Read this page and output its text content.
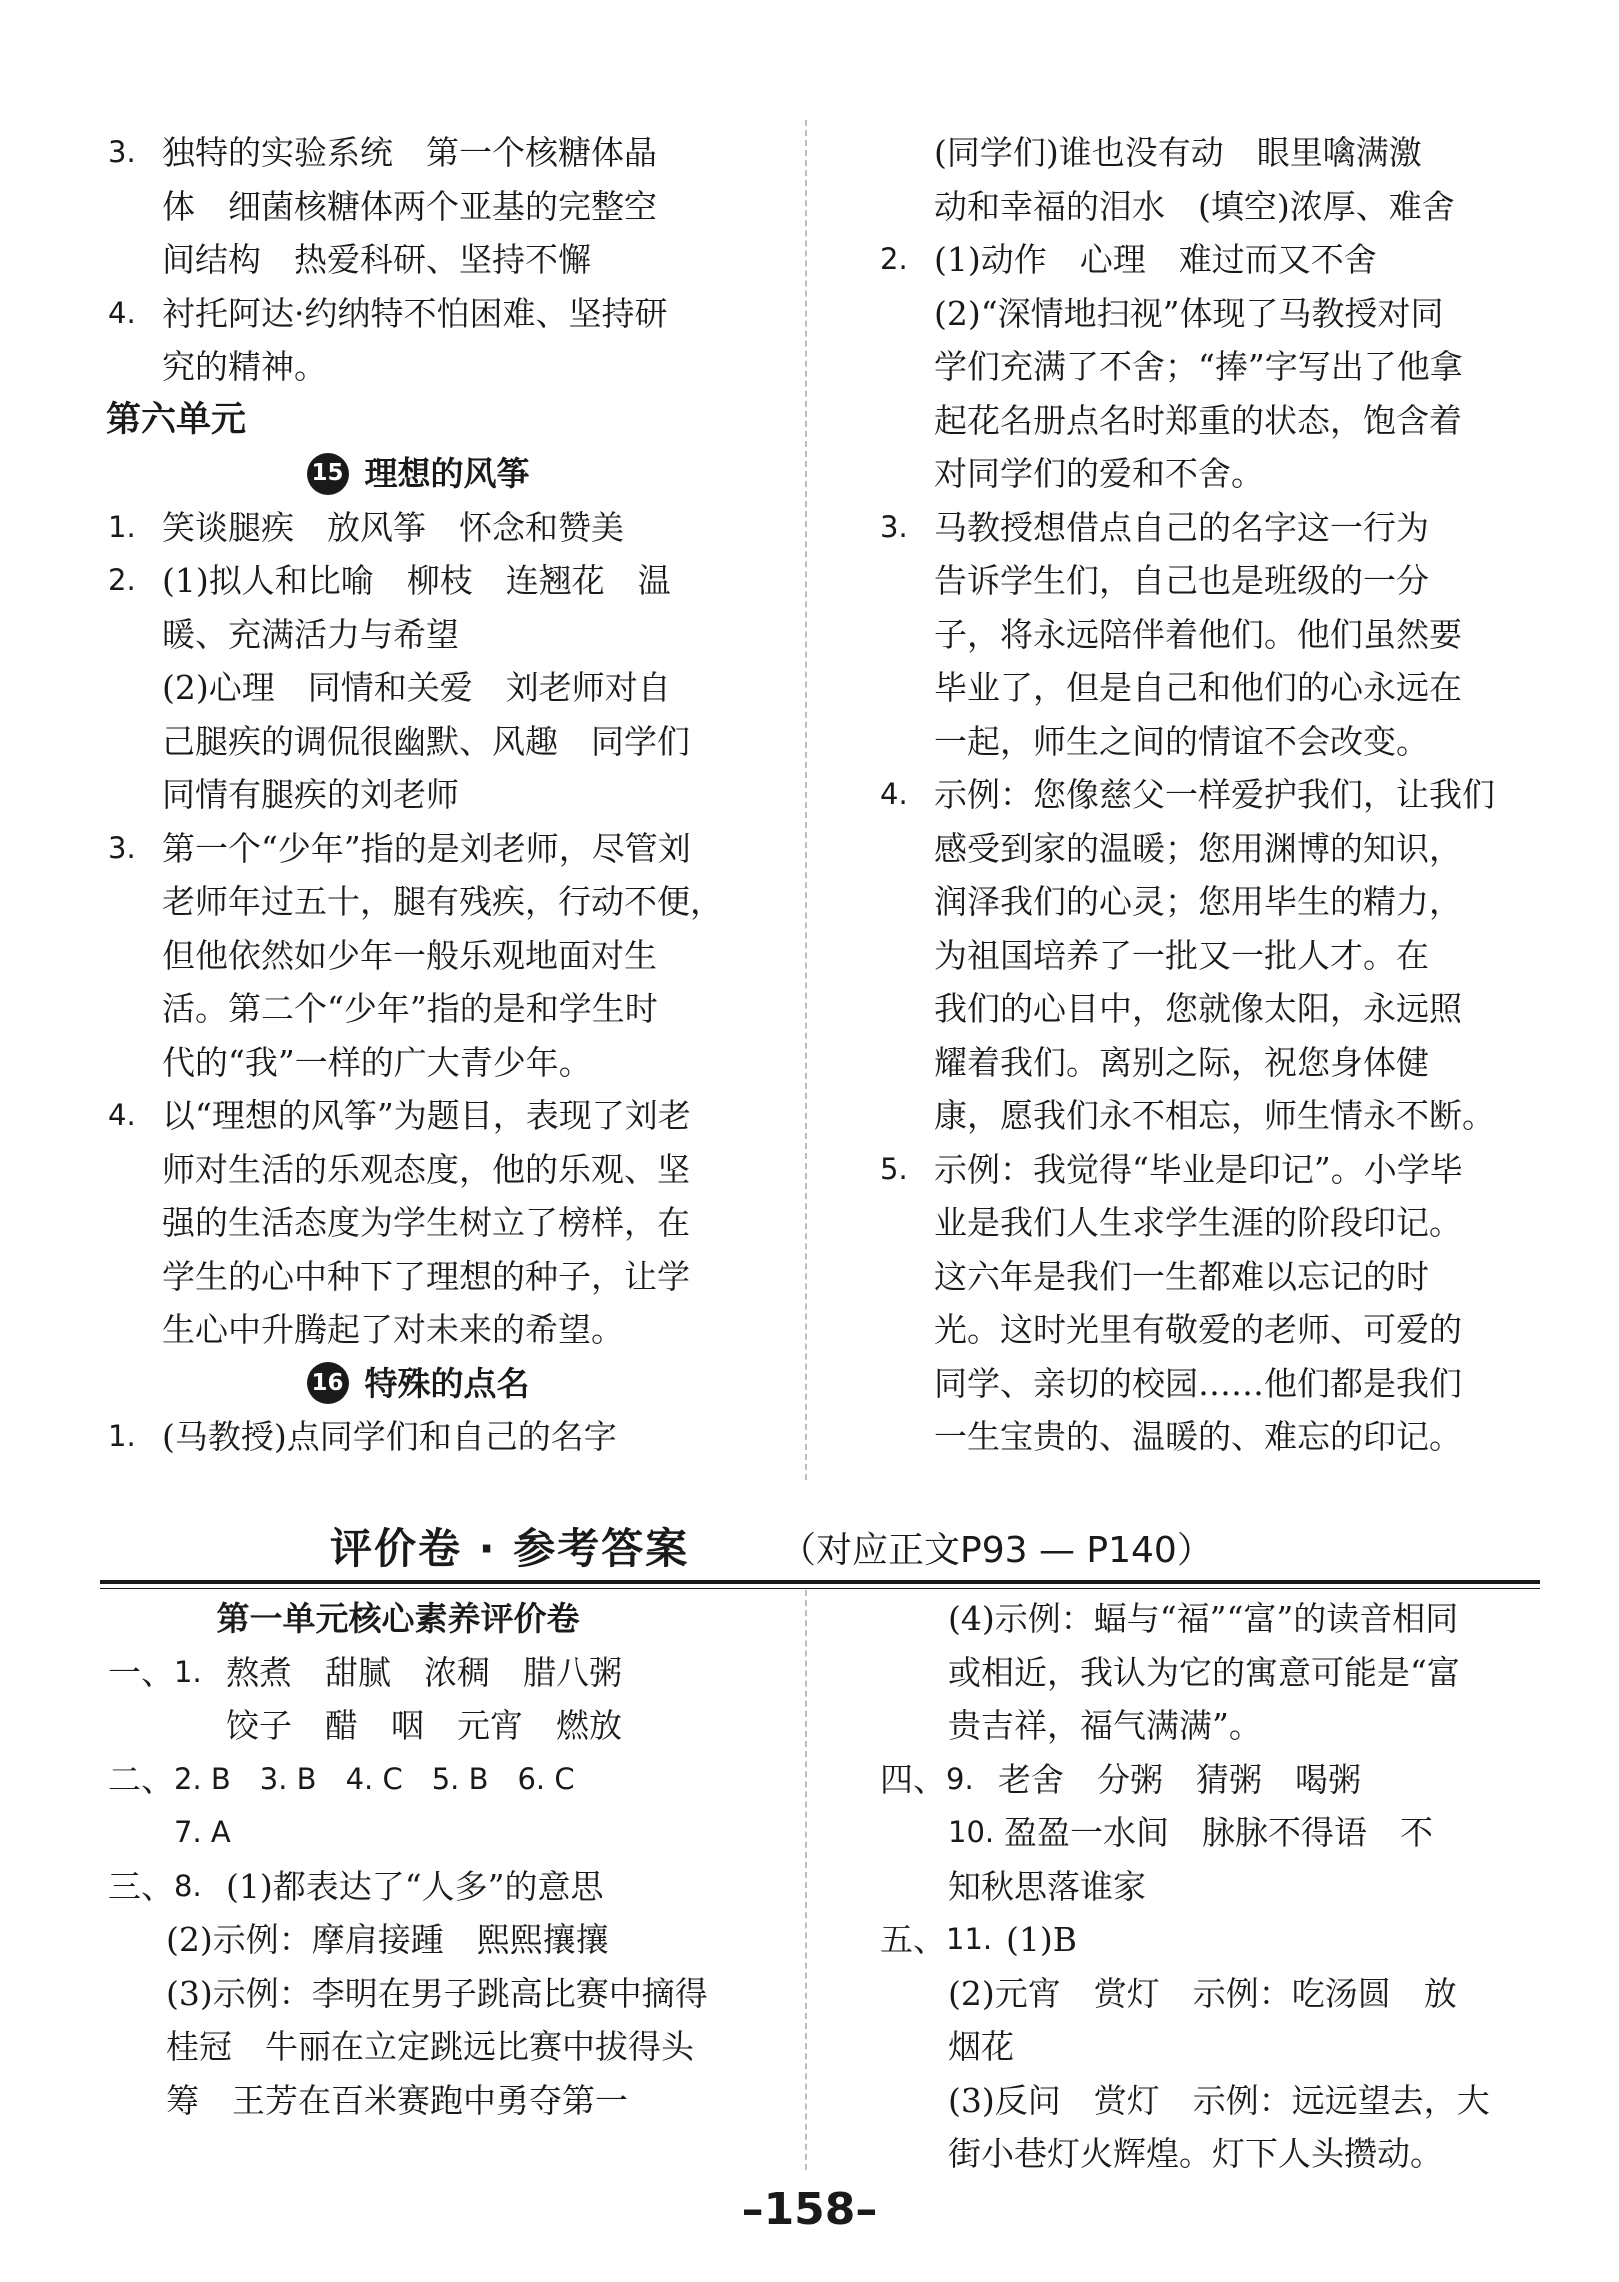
3. 独特的实验系统　第一个核糖体晶
体　细菌核糖体两个亚基的完整空
间结构　热爱科研、坚持不懈
4. 衬托阿达·约纳特不怕困难、坚持研
究的精神。
第六单元
15 理想的风筝
1. 笑谈腿疾　放风筝　怀念和赞美
2. (1)拟人和比喻　柳枝　连翘花　温
暖、充满活力与希望
(2)心理　同情和关爱　刘老师对自
己腿疾的调侃很幽默、风趣　同学们
同情有腿疾的刘老师
3. 第一个“少年”指的是刘老师，尽管刘
老师年过五十，腿有残疾，行动不便，
但他依然如少年一般乐观地面对生
活。第二个“少年”指的是和学生时
代的“我”一样的广大青少年。
4. 以“理想的风筝”为题目，表现了刘老
师对生活的乐观态度，他的乐观、坚
强的生活态度为学生树立了榜样，在
学生的心中种下了理想的种子，让学
生心中升腾起了对未来的希望。
16 特殊的点名
1. (马教授)点同学们和自己的名字
(同学们)谁也没有动　眼里噙满激
动和幸福的泪水　(填空)浓厚、难舍
2. (1)动作　心理　难过而又不舍
(2)“深情地扫视”体现了马教授对同
学们充满了不舍；“捧”字写出了他拿
起花名册点名时郑重的状态，饱含着
对同学们的爱和不舍。
3. 马教授想借点自己的名字这一行为
告诉学生们，自己也是班级的一分
子，将永远陪伴着他们。他们虽然要
毕业了，但是自己和他们的心永远在
一起，师生之间的情谊不会改变。
4. 示例：您像慈父一样爱护我们，让我们
感受到家的温暖；您用渊博的知识，
润泽我们的心灵；您用毕生的精力，
为祖国培养了一批又一批人才。在
我们的心目中，您就像太阳，永远照
耀着我们。离别之际，祝您身体健
康，愿我们永不相忘，师生情永不断。
5. 示例：我觉得“毕业是印记”。小学毕
业是我们人生求学生涯的阶段印记。
这六年是我们一生都难以忘记的时
光。这时光里有敬爱的老师、可爱的
同学、亲切的校园……他们都是我们
一生宝贵的、温暖的、难忘的印记。
评价卷 · 参考答案	（对应正文P93 — P140）
第一单元核心素养评价卷
一、 1. 熬煮　甜腻　浓稠　腊八粥
饺子　醋　咽　元宵　燃放
二、 2. B　3. B　4. C　5. B　6. C
7. A
三、 8. (1)都表达了“人多”的意思
(2)示例：摩肩接踵　熙熙攘攘
(3)示例：李明在男子跳高比赛中摘得
桂冠　牛丽在立定跳远比赛中拔得头
筹　王芳在百米赛跑中勇夺第一
(4)示例：蝠与“福”“富”的读音相同
或相近，我认为它的寓意可能是“富
贵吉祥，福气满满”。
四、 9. 老舍　分粥　猜粥　喝粥
10. 盈盈一水间　脉脉不得语　不
知秋思落谁家
五、 11. (1)B
(2)元宵　赏灯　示例：吃汤圆　放
烟花
(3)反问　赏灯　示例：远远望去，大
街小巷灯火辉煌。灯下人头攒动。
–158–
